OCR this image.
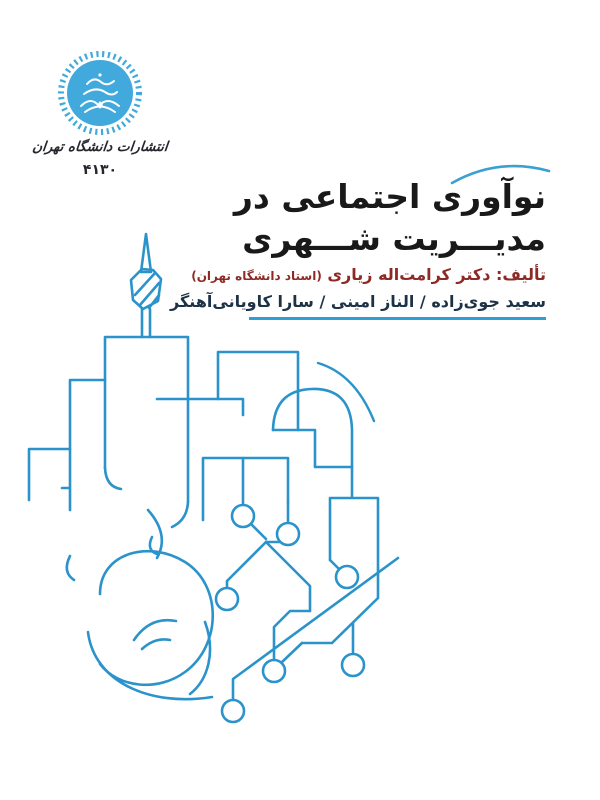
انتشارات دانشگاه تهران
۴۱۳۰
نوآوری اجتماعی در
مدیـــریت شـــهری
تألیف: دکتر کرامت‌اله زیاری (استاد دانشگاه تهران)
سعید جوی‌زاده / الناز امینی / سارا کاویانی‌آهنگر
